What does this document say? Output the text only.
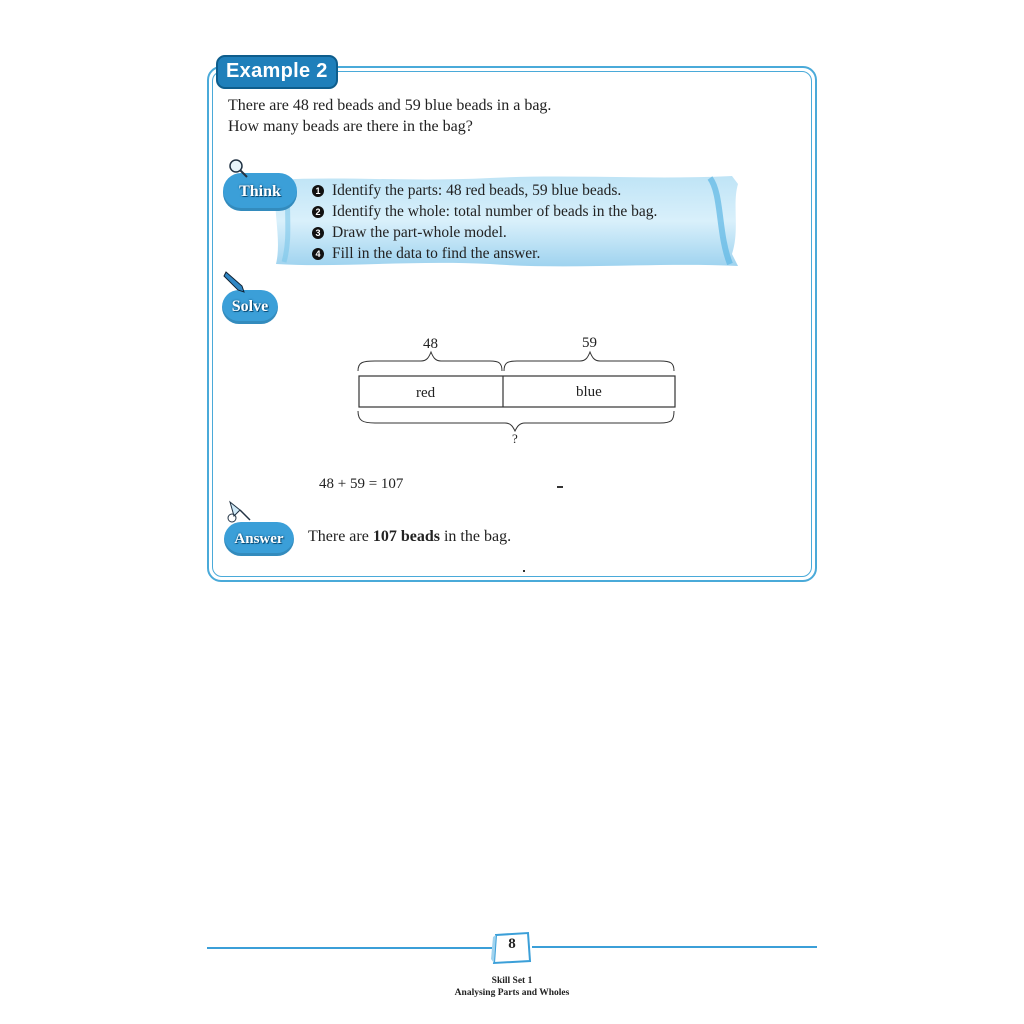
Example 2
There are 48 red beads and 59 blue beads in a bag.
How many beads are there in the bag?
Think	1 Identify the parts: 48 red beads, 59 blue beads.
2 Identify the whole: total number of beads in the bag.
3 Draw the part-whole model.
4 Fill in the data to find the answer.
Solve
48	59
red	blue
?
48 + 59 = 107
Answer	There are 107 beads in the bag.
8
Skill Set 1
Analysing Parts and Wholes
